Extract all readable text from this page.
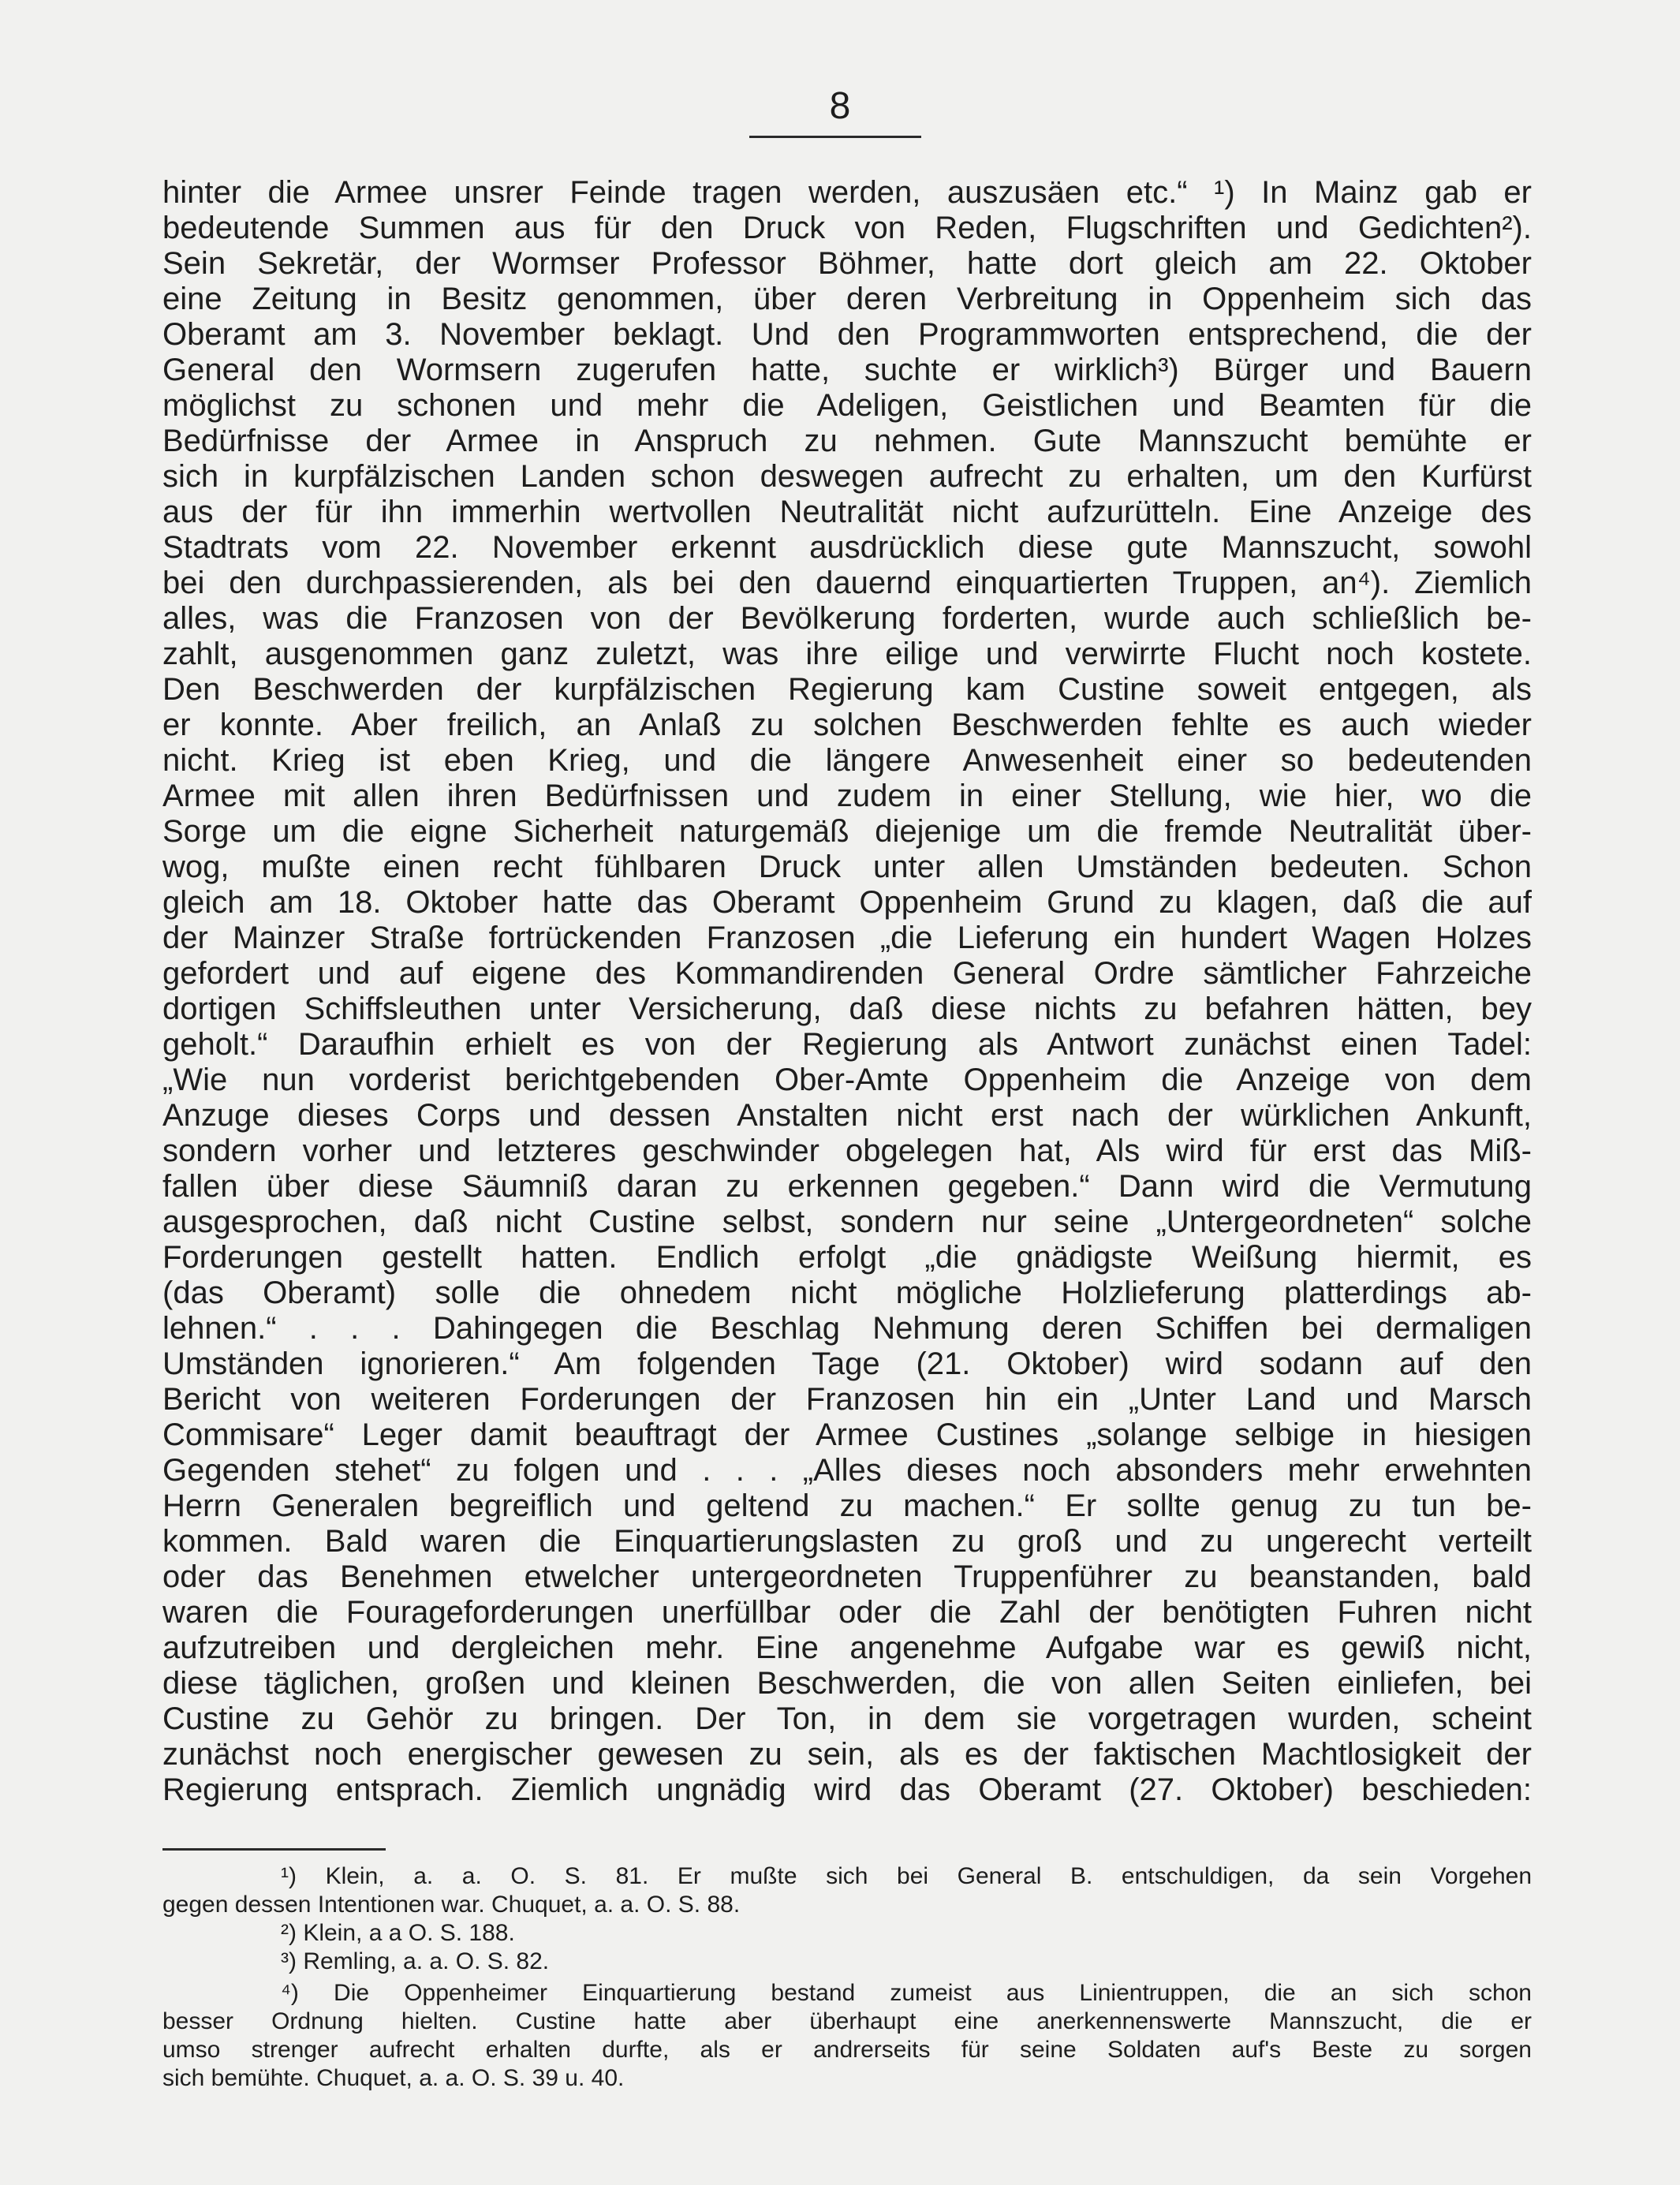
8
hinter die Armee unsrer Feinde tragen werden, auszusäen etc.“ ¹) In Mainz gab er
bedeutende Summen aus für den Druck von Reden, Flugschriften und Gedichten²).
Sein Sekretär, der Wormser Professor Böhmer, hatte dort gleich am 22. Oktober
eine Zeitung in Besitz genommen, über deren Verbreitung in Oppenheim sich das
Oberamt am 3. November beklagt. Und den Programmworten entsprechend, die der
General den Wormsern zugerufen hatte, suchte er wirklich³) Bürger und Bauern
möglichst zu schonen und mehr die Adeligen, Geistlichen und Beamten für die
Bedürfnisse der Armee in Anspruch zu nehmen. Gute Mannszucht bemühte er
sich in kurpfälzischen Landen schon deswegen aufrecht zu erhalten, um den Kurfürst
aus der für ihn immerhin wertvollen Neutralität nicht aufzurütteln. Eine Anzeige des
Stadtrats vom 22. November erkennt ausdrücklich diese gute Mannszucht, sowohl
bei den durchpassierenden, als bei den dauernd einquartierten Truppen, an⁴). Ziemlich
alles, was die Franzosen von der Bevölkerung forderten, wurde auch schließlich be-
zahlt, ausgenommen ganz zuletzt, was ihre eilige und verwirrte Flucht noch kostete.
Den Beschwerden der kurpfälzischen Regierung kam Custine soweit entgegen, als
er konnte. Aber freilich, an Anlaß zu solchen Beschwerden fehlte es auch wieder
nicht. Krieg ist eben Krieg, und die längere Anwesenheit einer so bedeutenden
Armee mit allen ihren Bedürfnissen und zudem in einer Stellung, wie hier, wo die
Sorge um die eigne Sicherheit naturgemäß diejenige um die fremde Neutralität über-
wog, mußte einen recht fühlbaren Druck unter allen Umständen bedeuten. Schon
gleich am 18. Oktober hatte das Oberamt Oppenheim Grund zu klagen, daß die auf
der Mainzer Straße fortrückenden Franzosen „die Lieferung ein hundert Wagen Holzes
gefordert und auf eigene des Kommandirenden General Ordre sämtlicher Fahrzeiche
dortigen Schiffsleuthen unter Versicherung, daß diese nichts zu befahren hätten, bey
geholt.“ Daraufhin erhielt es von der Regierung als Antwort zunächst einen Tadel:
„Wie nun vorderist berichtgebenden Ober-Amte Oppenheim die Anzeige von dem
Anzuge dieses Corps und dessen Anstalten nicht erst nach der würklichen Ankunft,
sondern vorher und letzteres geschwinder obgelegen hat, Als wird für erst das Miß-
fallen über diese Säumniß daran zu erkennen gegeben.“ Dann wird die Vermutung
ausgesprochen, daß nicht Custine selbst, sondern nur seine „Untergeordneten“ solche
Forderungen gestellt hatten. Endlich erfolgt „die gnädigste Weißung hiermit, es
(das Oberamt) solle die ohnedem nicht mögliche Holzlieferung platterdings ab-
lehnen.“ . . . Dahingegen die Beschlag Nehmung deren Schiffen bei dermaligen
Umständen ignorieren.“ Am folgenden Tage (21. Oktober) wird sodann auf den
Bericht von weiteren Forderungen der Franzosen hin ein „Unter Land und Marsch
Commisare“ Leger damit beauftragt der Armee Custines „solange selbige in hiesigen
Gegenden stehet“ zu folgen und . . . „Alles dieses noch absonders mehr erwehnten
Herrn Generalen begreiflich und geltend zu machen.“ Er sollte genug zu tun be-
kommen. Bald waren die Einquartierungslasten zu groß und zu ungerecht verteilt
oder das Benehmen etwelcher untergeordneten Truppenführer zu beanstanden, bald
waren die Fourageforderungen unerfüllbar oder die Zahl der benötigten Fuhren nicht
aufzutreiben und dergleichen mehr. Eine angenehme Aufgabe war es gewiß nicht,
diese täglichen, großen und kleinen Beschwerden, die von allen Seiten einliefen, bei
Custine zu Gehör zu bringen. Der Ton, in dem sie vorgetragen wurden, scheint
zunächst noch energischer gewesen zu sein, als es der faktischen Machtlosigkeit der
Regierung entsprach. Ziemlich ungnädig wird das Oberamt (27. Oktober) beschieden:
¹) Klein, a. a. O. S. 81. Er mußte sich bei General B. entschuldigen, da sein Vorgehen
gegen dessen Intentionen war. Chuquet, a. a. O. S. 88.
²) Klein, a a O. S. 188.
³) Remling, a. a. O. S. 82.
⁴) Die Oppenheimer Einquartierung bestand zumeist aus Linientruppen, die an sich schon
besser Ordnung hielten. Custine hatte aber überhaupt eine anerkennenswerte Mannszucht, die er
umso strenger aufrecht erhalten durfte, als er andrerseits für seine Soldaten auf's Beste zu sorgen
sich bemühte. Chuquet, a. a. O. S. 39 u. 40.
